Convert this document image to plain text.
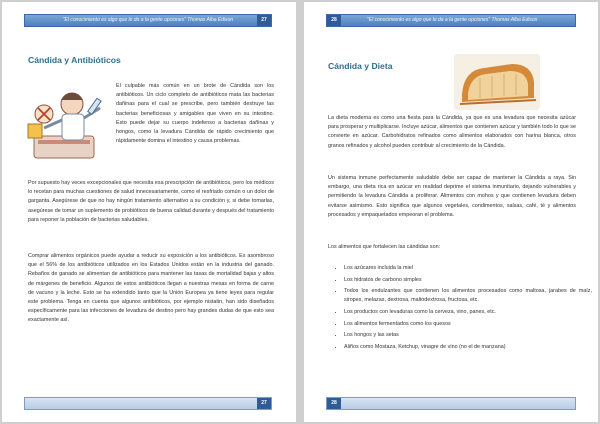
"El conocimiento es algo que le da a la gente opciones" Thomas Alba Edison	27
Cándida y Antibióticos

El culpable más común en un brote de Cándida son los antibióticos. Un ciclo completo de antibióticos mata las bacterias dañinas para el cual se prescribe, pero también destruye las bacterias beneficiosas y amigables que viven en su intestino. Esto puede dejar su cuerpo indefenso a bacterias dañinas y hongos, como la levadura Cándida de rápido crecimiento que rápidamente domina el intestino y causa problemas.

Por supuesto hay veces excepcionales que necesita esa prescripción de antibióticos, pero los médicos lo recetan para muchas cuestiones de salud innecesariamente, como el resfriado común o un dolor de garganta. Asegúrese de que no hay ningún tratamiento alternativo a su condición y, si debe tomarlas, asegúrese de tomar un suplemento de probióticos de buena calidad durante y después del tratamiento para reponer la población de bacterias saludables.

Comprar alimentos orgánicos puede ayudar a reducir su exposición a los antibióticos. Es asombroso que el 56% de los antibióticos utilizados en los Estados Unidos están en la industria del ganado. Rebaños de ganado se alimentan de antibióticos para mantener las tasas de mortalidad bajas y altos de márgenes de beneficio. Algunos de estos antibióticos llegan a nuestras mesas en forma de carne de vacuno y la leche. Esto se ha extendido tanto que la Unión Europea ya tiene leyes para regular este problema. Tenga en cuenta que algunos antibióticos, por ejemplo nistatin, han sido diseñados específicamente para las infecciones de levadura de destino pero hay grandes dudas de que esto sea exactamente así.

27
28	"El conocimiento es algo que le da a la gente opciones" Thomas Alba Edison
Cándida y Dieta

La dieta moderna es como una fiesta para la Cándida, ya que es una levadura que necesita azúcar para prosperar y multiplicarse. Incluye azúcar, alimentos que contienen azúcar y también todo lo que se convierte en azúcar. Carbohidratos refinados como alimentos elaborados con harina blanca, otros granos refinados y alcohol pueden contribuir al crecimiento de la Cándida.

Un sistema inmune perfectamente saludable debe ser capaz de mantener la Cándida a raya. Sin embargo, una dieta rica en azúcar en realidad deprime el sistema inmunitario, dejando vulnerables y permitiendo la levadura Cándida a proliferar. Alimentos con mohos y que contienen levadura deben evitarse asimismo. Esto significa que algunos vegetales, condimentos, salsas, café, té y alimentos procesados y empaquetados empeoran el problema.

Los alimentos que fortalecen las cándidas son:

• Los azúcares incluida la miel
• Los hidratos de carbono simples
• Todos los endulzantes que contienen los alimentos procesados como maltosa, jarabes de maíz, siropes, melazas, dextrosa, maltodextrosa, fructosa, etc.
• Los productos con levaduras como la cerveza, vino, panes, etc.
• Los alimentos fermentados como los quesos
• Los hongos y las setas
• Aliños como Mostaza, Ketchup, vinagre de vino (no el de manzana)
28
